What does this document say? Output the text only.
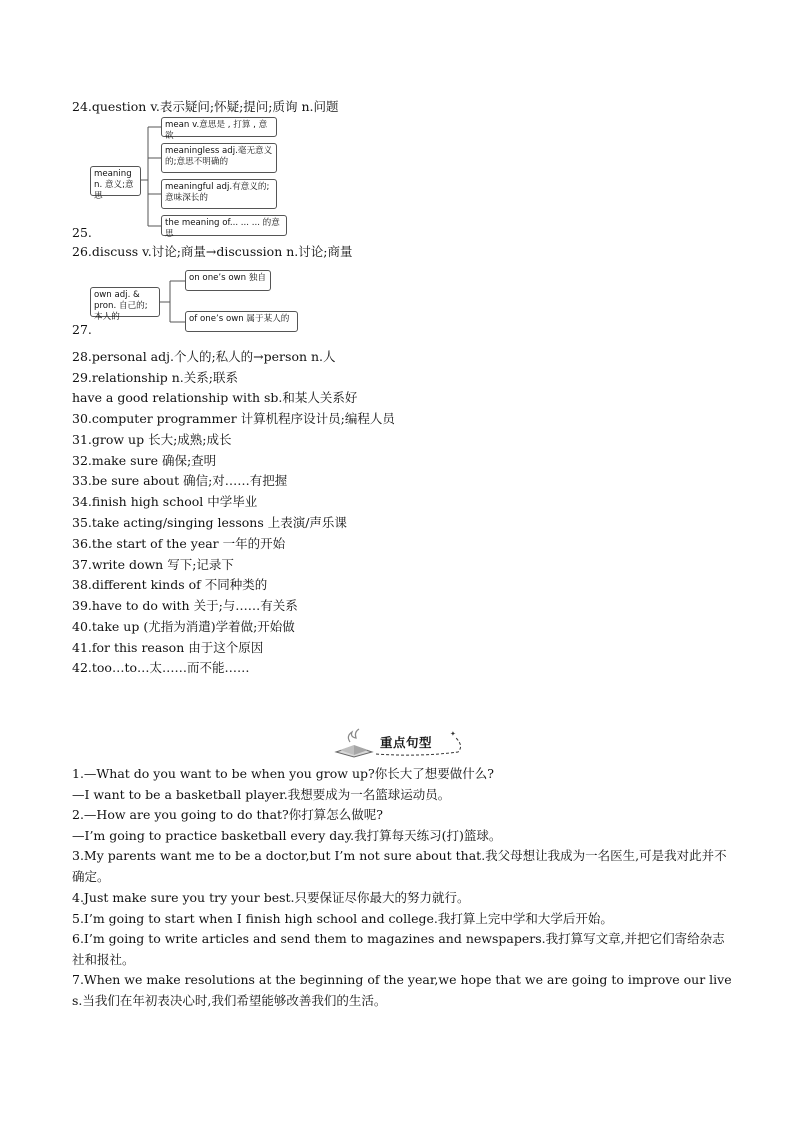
24.question v.表示疑问;怀疑;提问;质询 n.问题
meaning n. 意义;意思
mean v.意思是 , 打算 , 意欲
meaningless adj.毫无意义的;意思不明确的
meaningful adj.有意义的;意味深长的
the meaning of... ... ... 的意思
25.
26.discuss v.讨论;商量→discussion n.讨论;商量
own adj. & pron. 自己的;本人的
on one’s own 独自
of one’s own 属于某人的
27.
28.personal adj.个人的;私人的→person n.人
29.relationship n.关系;联系
have a good relationship with sb.和某人关系好
30.computer programmer 计算机程序设计员;编程人员
31.grow up 长大;成熟;成长
32.make sure 确保;查明
33.be sure about 确信;对……有把握
34.finish high school 中学毕业
35.take acting/singing lessons 上表演/声乐课
36.the start of the year 一年的开始
37.write down 写下;记录下
38.different kinds of 不同种类的
39.have to do with 关于;与……有关系
40.take up (尤指为消遣)学着做;开始做
41.for this reason 由于这个原因
42.too…to…太……而不能……
✦
重点句型
1.—What do you want to be when you grow up?你长大了想要做什么?
—I want to be a basketball player.我想要成为一名篮球运动员。
2.—How are you going to do that?你打算怎么做呢?
—I’m going to practice basketball every day.我打算每天练习(打)篮球。
3.My parents want me to be a doctor,but I’m not sure about that.我父母想让我成为一名医生,可是我对此并不确定。
4.Just make sure you try your best.只要保证尽你最大的努力就行。
5.I’m going to start when I finish high school and college.我打算上完中学和大学后开始。
6.I’m going to write articles and send them to magazines and newspapers.我打算写文章,并把它们寄给杂志社和报社。
7.When we make resolutions at the beginning of the year,we hope that we are going to improve our lives.当我们在年初表决心时,我们希望能够改善我们的生活。
